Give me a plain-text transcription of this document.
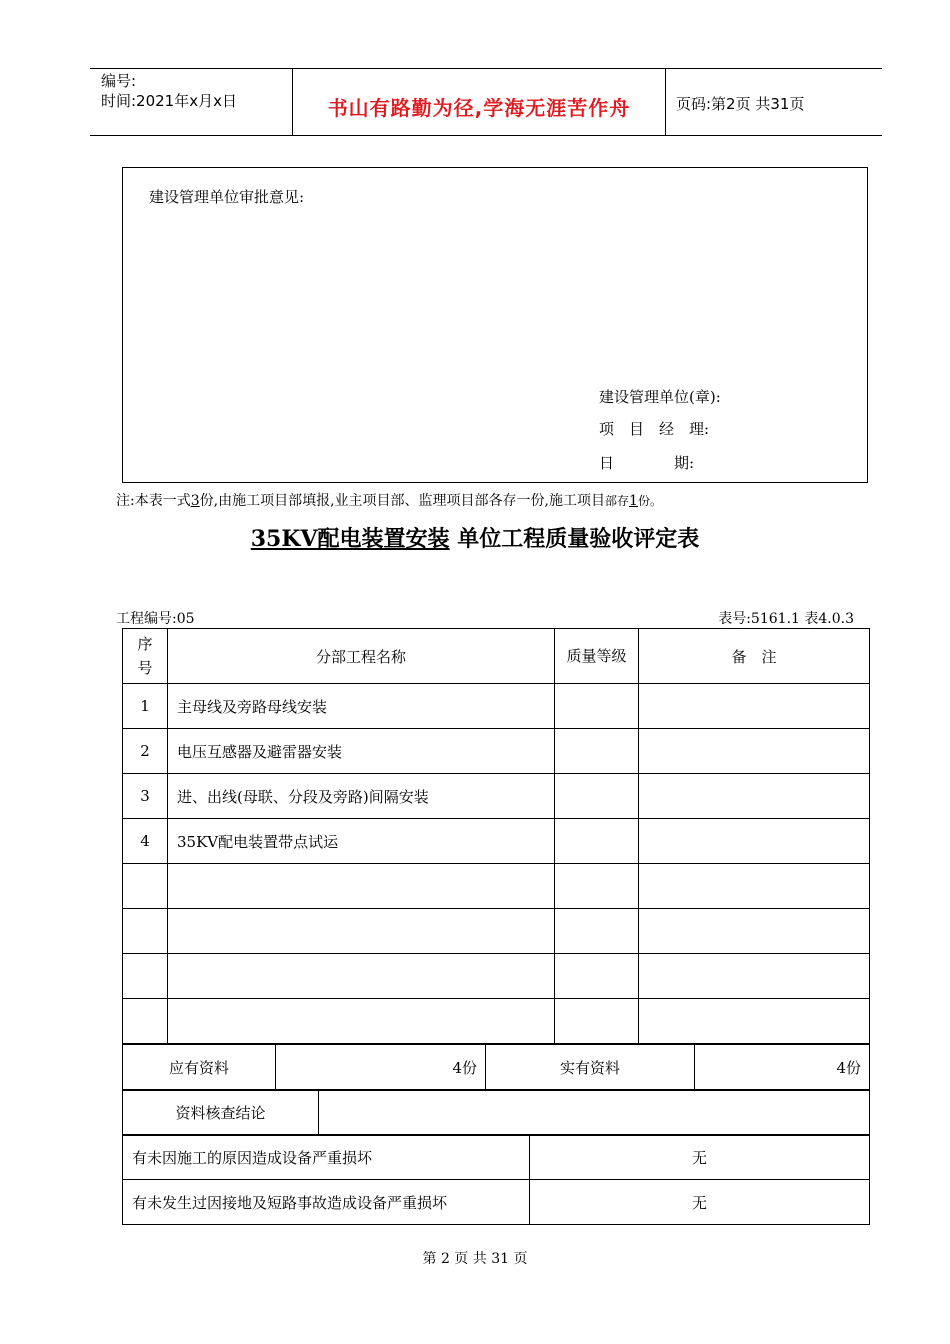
编号:
时间:2021年x月x日	书山有路勤为径,学海无涯苦作舟	页码:第2页 共31页
建设管理单位审批意见:
建设管理单位(章):
项　目　经　理:
日　　　　期:
注:本表一式3份,由施工项目部填报,业主项目部、监理项目部各存一份,施工项目部存1份。
35KV配电装置安装 单位工程质量验收评定表
工程编号:05	表号:5161.1 表4.0.3
序号	分部工程名称	质量等级	备　注
1	主母线及旁路母线安装		
2	电压互感器及避雷器安装		
3	进、出线(母联、分段及旁路)间隔安装		
4	35KV配电装置带点试运		

应有资料	4份	实有资料	4份
资料核查结论	
有未因施工的原因造成设备严重损坏	无
有未发生过因接地及短路事故造成设备严重损坏	无
第 2 页 共 31 页
